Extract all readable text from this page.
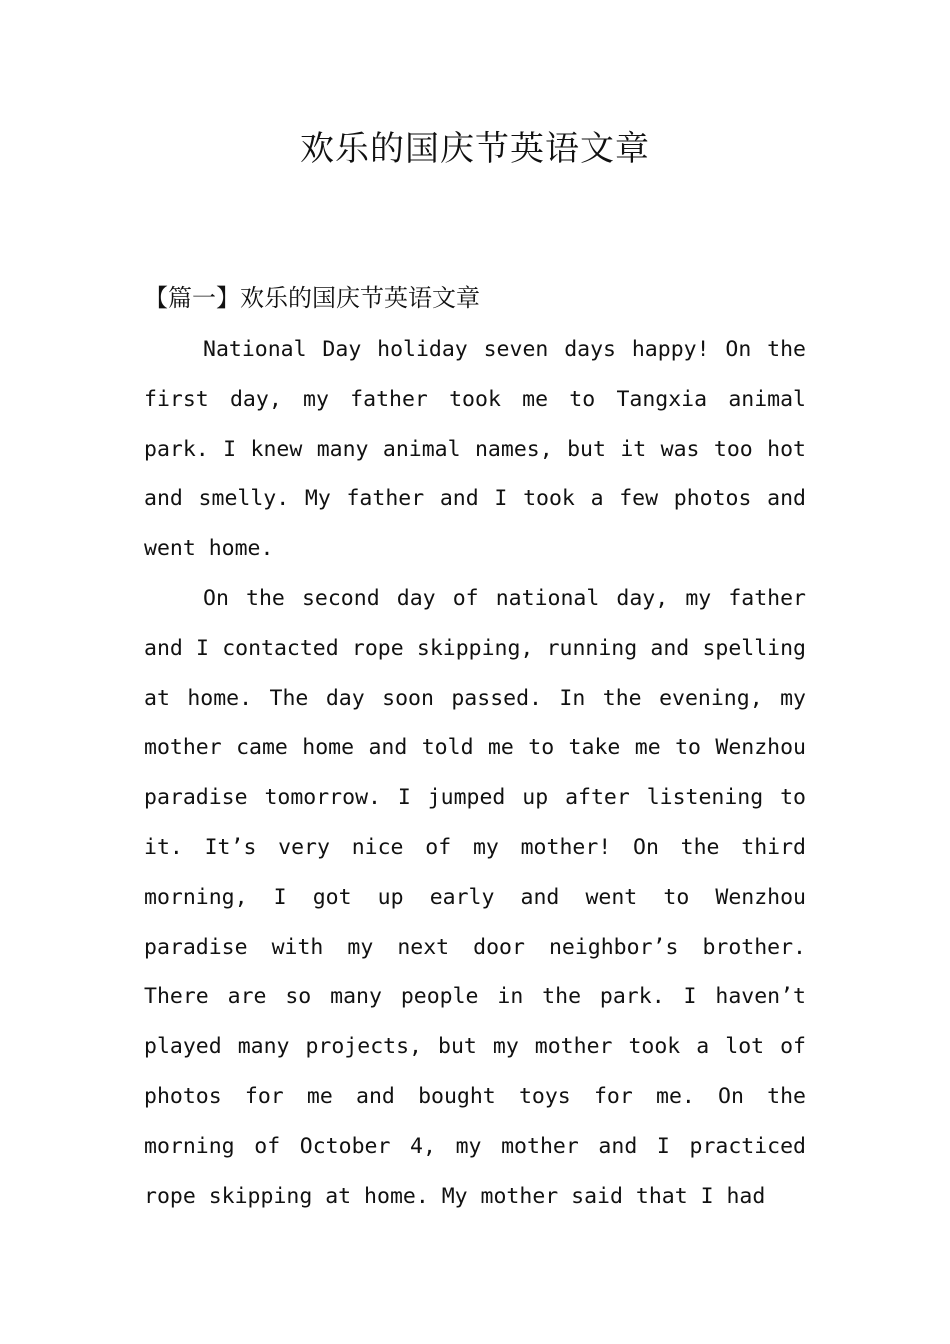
欢乐的国庆节英语文章
【篇一】欢乐的国庆节英语文章

National Day holiday seven days happy! On the first day, my father took me to Tangxia animal park. I knew many animal names, but it was too hot and smelly. My father and I took a few photos and went home.

On the second day of national day, my father and I contacted rope skipping, running and spelling at home. The day soon passed. In the evening, my mother came home and told me to take me to Wenzhou paradise tomorrow. I jumped up after listening to it. It’s very nice of my mother! On the third morning, I got up early and went to Wenzhou paradise with my next door neighbor’s brother. There are so many people in the park. I haven’t played many projects, but my mother took a lot of photos for me and bought toys for me. On the morning of October 4, my mother and I practiced rope skipping at home. My mother said that I had
